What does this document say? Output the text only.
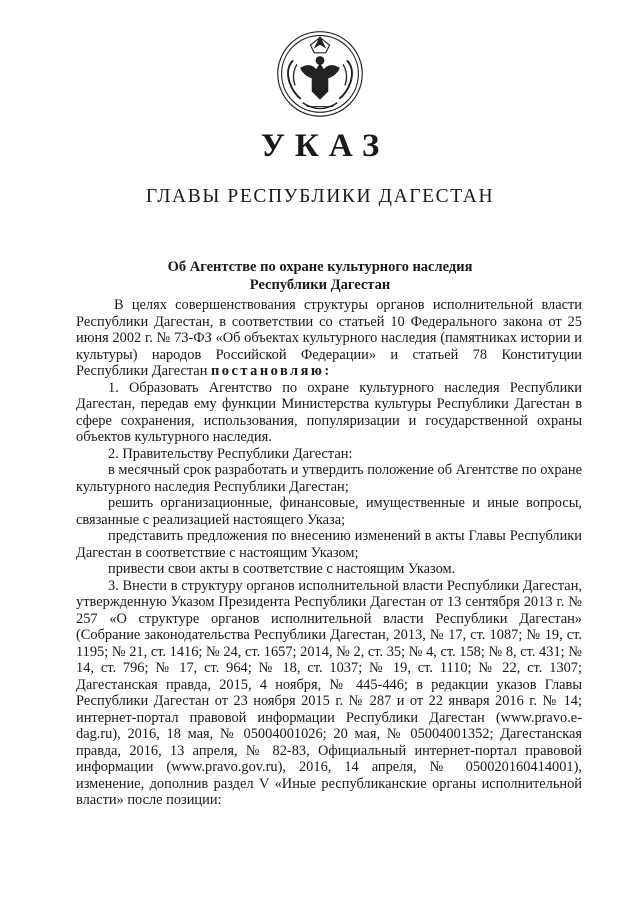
УКАЗ
ГЛАВЫ РЕСПУБЛИКИ ДАГЕСТАН
Об Агентстве по охране культурного наследия
Республики Дагестан

В целях совершенствования структуры органов исполнительной власти Республики Дагестан, в соответствии со статьей 10 Федерального закона от 25 июня 2002 г. № 73-ФЗ «Об объектах культурного наследия (памятниках истории и культуры) народов Российской Федерации» и статьей 78 Конституции Республики Дагестан постановляю:

1. Образовать Агентство по охране культурного наследия Республики Дагестан, передав ему функции Министерства культуры Республики Дагестан в сфере сохранения, использования, популяризации и государственной охраны объектов культурного наследия.

2. Правительству Республики Дагестан:

в месячный срок разработать и утвердить положение об Агентстве по охране культурного наследия Республики Дагестан;

решить организационные, финансовые, имущественные и иные вопросы, связанные с реализацией настоящего Указа;

представить предложения по внесению изменений в акты Главы Республики Дагестан в соответствие с настоящим Указом;

привести свои акты в соответствие с настоящим Указом.

3. Внести в структуру органов исполнительной власти Республики Дагестан, утвержденную Указом Президента Республики Дагестан от 13 сентября 2013 г. № 257 «О структуре органов исполнительной власти Республики Дагестан» (Собрание законодательства Республики Дагестан, 2013, № 17, ст. 1087; № 19, ст. 1195; № 21, ст. 1416; № 24, ст. 1657; 2014, № 2, ст. 35; № 4, ст. 158; № 8, ст. 431; № 14, ст. 796; № 17, ст. 964; № 18, ст. 1037; № 19, ст. 1110; № 22, ст. 1307; Дагестанская правда, 2015, 4 ноября, № 445-446; в редакции указов Главы Республики Дагестан от 23 ноября 2015 г. № 287 и от 22 января 2016 г. № 14; интернет-портал правовой информации Республики Дагестан (www.pravo.e-dag.ru), 2016, 18 мая, № 05004001026; 20 мая, № 05004001352; Дагестанская правда, 2016, 13 апреля, № 82-83, Официальный интернет-портал правовой информации (www.pravo.gov.ru), 2016, 14 апреля, № 050020160414001), изменение, дополнив раздел V «Иные республиканские органы исполнительной власти» после позиции:
